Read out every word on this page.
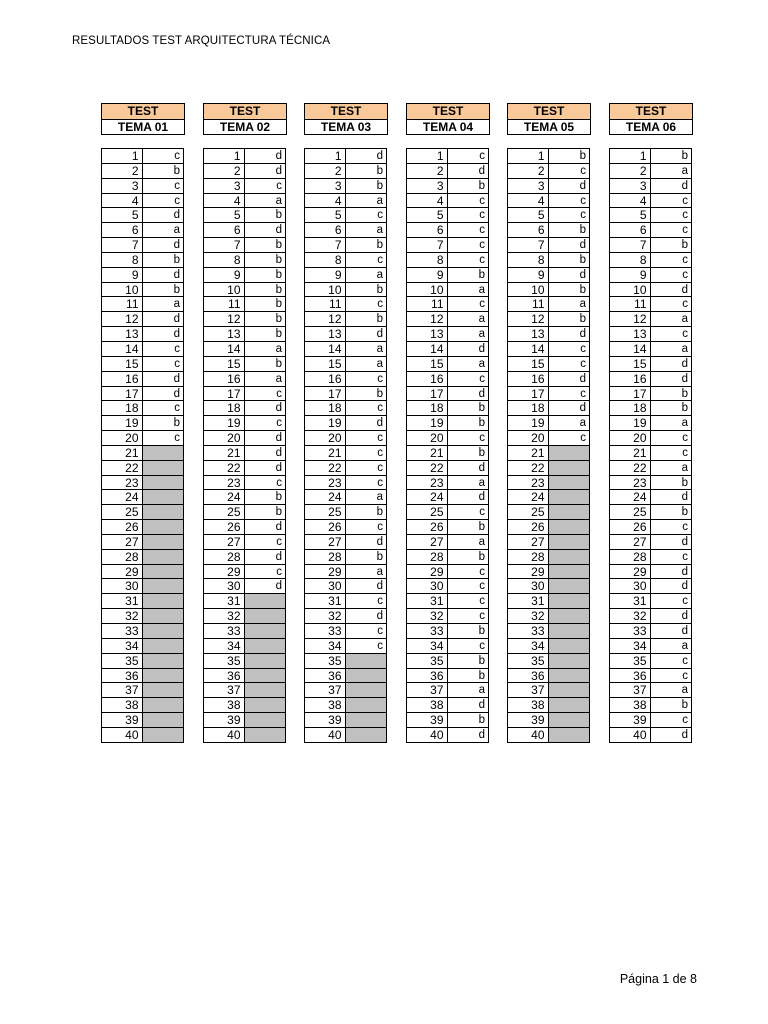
RESULTADOS TEST ARQUITECTURA TÉCNICA
TEST
TEMA 01
1	c
2	b
3	c
4	c
5	d
6	a
7	d
8	b
9	d
10	b
11	a
12	d
13	d
14	c
15	c
16	d
17	d
18	c
19	b
20	c
21
22
23
24
25
26
27
28
29
30
31
32
33
34
35
36
37
38
39
40
TEST
TEMA 02
1	d
2	d
3	c
4	a
5	b
6	d
7	b
8	b
9	b
10	b
11	b
12	b
13	b
14	a
15	b
16	a
17	c
18	d
19	c
20	d
21	d
22	d
23	c
24	b
25	b
26	d
27	c
28	d
29	c
30	d
31
32
33
34
35
36
37
38
39
40
TEST
TEMA 03
1	d
2	b
3	b
4	a
5	c
6	a
7	b
8	c
9	a
10	b
11	c
12	b
13	d
14	a
15	a
16	c
17	b
18	c
19	d
20	c
21	c
22	c
23	c
24	a
25	b
26	c
27	d
28	b
29	a
30	d
31	c
32	d
33	c
34	c
35
36
37
38
39
40
TEST
TEMA 04
1	c
2	d
3	b
4	c
5	c
6	c
7	c
8	c
9	b
10	a
11	c
12	a
13	a
14	d
15	a
16	c
17	d
18	b
19	b
20	c
21	b
22	d
23	a
24	d
25	c
26	b
27	a
28	b
29	c
30	c
31	c
32	c
33	b
34	c
35	b
36	b
37	a
38	d
39	b
40	d
TEST
TEMA 05
1	b
2	c
3	d
4	c
5	c
6	b
7	d
8	b
9	d
10	b
11	a
12	b
13	d
14	c
15	c
16	d
17	c
18	d
19	a
20	c
21
22
23
24
25
26
27
28
29
30
31
32
33
34
35
36
37
38
39
40
TEST
TEMA 06
1	b
2	a
3	d
4	c
5	c
6	c
7	b
8	c
9	c
10	d
11	c
12	a
13	c
14	a
15	d
16	d
17	b
18	b
19	a
20	c
21	c
22	a
23	b
24	d
25	b
26	c
27	d
28	c
29	d
30	d
31	c
32	d
33	d
34	a
35	c
36	c
37	a
38	b
39	c
40	d
Página 1 de 8
